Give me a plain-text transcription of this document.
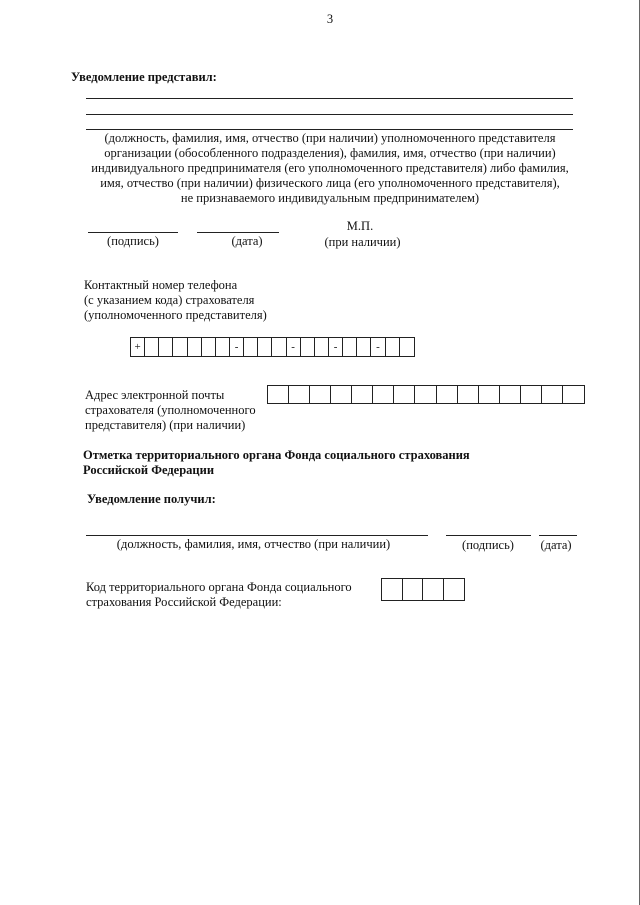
3
Уведомление представил:
(должность, фамилия, имя, отчество (при наличии) уполномоченного представителя
организации (обособленного подразделения), фамилия, имя, отчество (при наличии)
индивидуального предпринимателя (его уполномоченного представителя) либо фамилия,
имя, отчество (при наличии) физического лица (его уполномоченного представителя),
не признаваемого индивидуальным предпринимателем)
(подпись)	(дата)
М.П.
(при наличии)
Контактный номер телефона
(с указанием кода) страхователя
(уполномоченного представителя)
+	-	-	-	-
Адрес электронной почты
страхователя (уполномоченного
представителя) (при наличии)
Отметка территориального органа Фонда социального страхования
Российской Федерации
Уведомление получил:
(должность, фамилия, имя, отчество (при наличии)	(подпись)	(дата)
Код территориального органа Фонда социального
страхования Российской Федерации:
